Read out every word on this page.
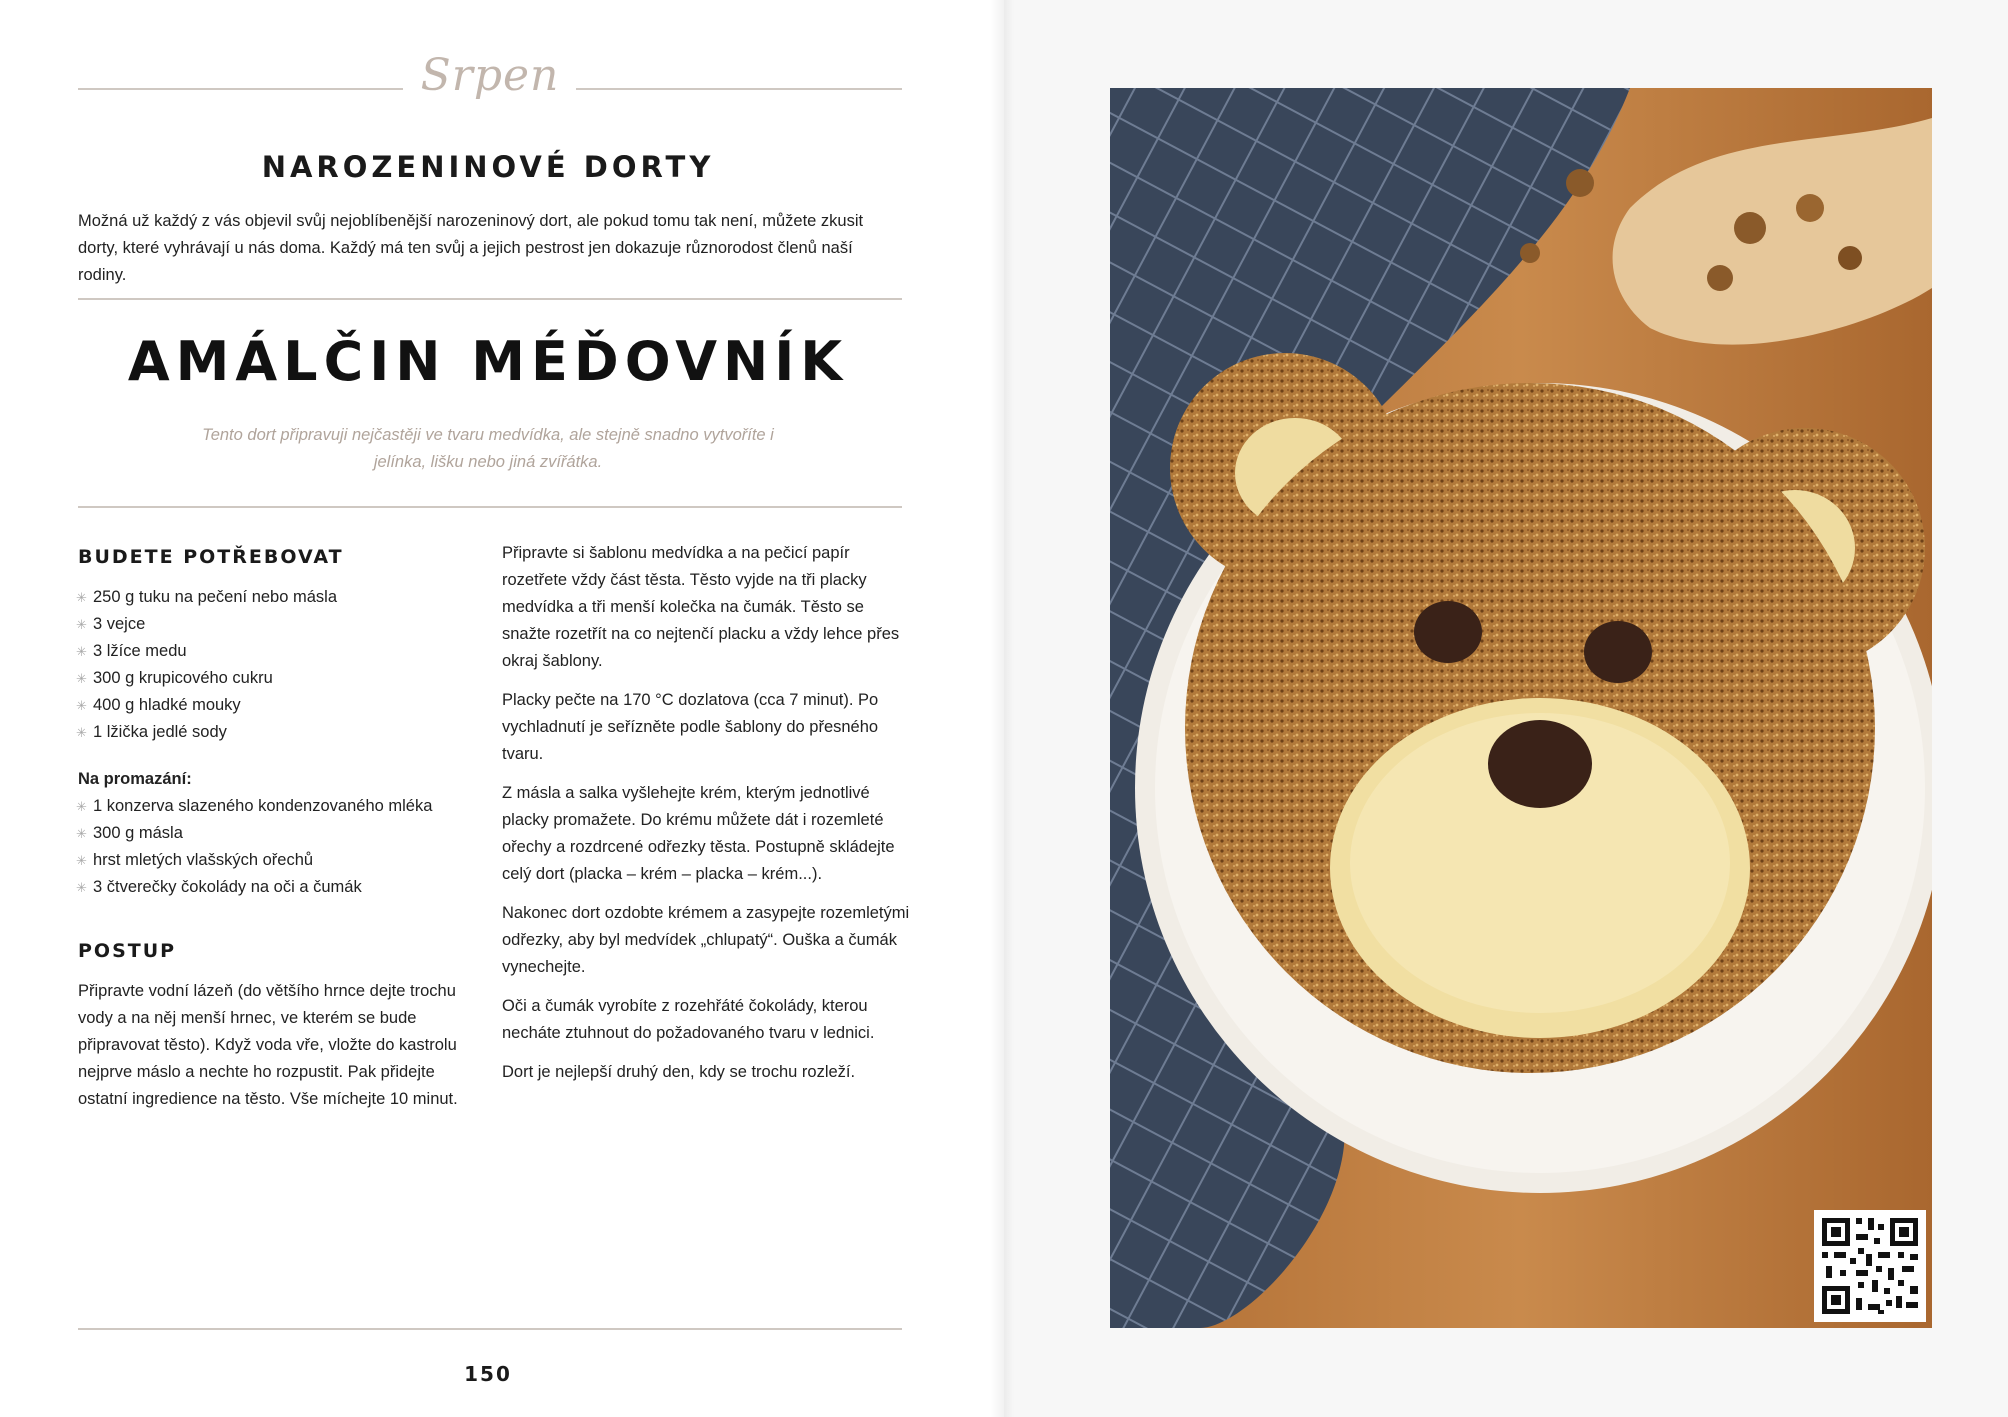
Srpen
NAROZENINOVÉ DORTY
Možná už každý z vás objevil svůj nejoblíbenější narozeninový dort, ale pokud tomu tak není, můžete zkusit dorty, které vyhrávají u nás doma. Každý má ten svůj a jejich pestrost jen dokazuje různorodost členů naší rodiny.
AMÁLČIN MÉĎOVNÍK
Tento dort připravuji nejčastěji ve tvaru medvídka, ale stejně snadno vytvoříte i jelínka, lišku nebo jiná zvířátka.
BUDETE POTŘEBOVAT
✳ 250 g tuku na pečení nebo másla
✳ 3 vejce
✳ 3 lžíce medu
✳ 300 g krupicového cukru
✳ 400 g hladké mouky
✳ 1 lžička jedlé sody
Na promazání:
✳ 1 konzerva slazeného kondenzovaného mléka
✳ 300 g másla
✳ hrst mletých vlašských ořechů
✳ 3 čtverečky čokolády na oči a čumák
POSTUP
Připravte vodní lázeň (do většího hrnce dejte trochu vody a na něj menší hrnec, ve kterém se bude připravovat těsto). Když voda vře, vložte do kastrolu nejprve máslo a nechte ho rozpustit. Pak přidejte ostatní ingredience na těsto. Vše míchejte 10 minut.

Připravte si šablonu medvídka a na pečicí papír rozetřete vždy část těsta. Těsto vyjde na tři placky medvídka a tři menší kolečka na čumák. Těsto se snažte rozetřít na co nejtenčí placku a vždy lehce přes okraj šablony.

Placky pečte na 170 °C dozlatova (cca 7 minut). Po vychladnutí je seřízněte podle šablony do přesného tvaru.

Z másla a salka vyšlehejte krém, kterým jednotlivé placky promažete. Do krému můžete dát i rozemleté ořechy a rozdrcené odřezky těsta. Postupně skládejte celý dort (placka – krém – placka – krém...).

Nakonec dort ozdobte krémem a zasypejte rozemletými odřezky, aby byl medvídek „chlupatý“. Ouška a čumák vynechejte.

Oči a čumák vyrobíte z rozehřáté čokolády, kterou necháte ztuhnout do požadovaného tvaru v lednici.

Dort je nejlepší druhý den, kdy se trochu rozleží.

150
